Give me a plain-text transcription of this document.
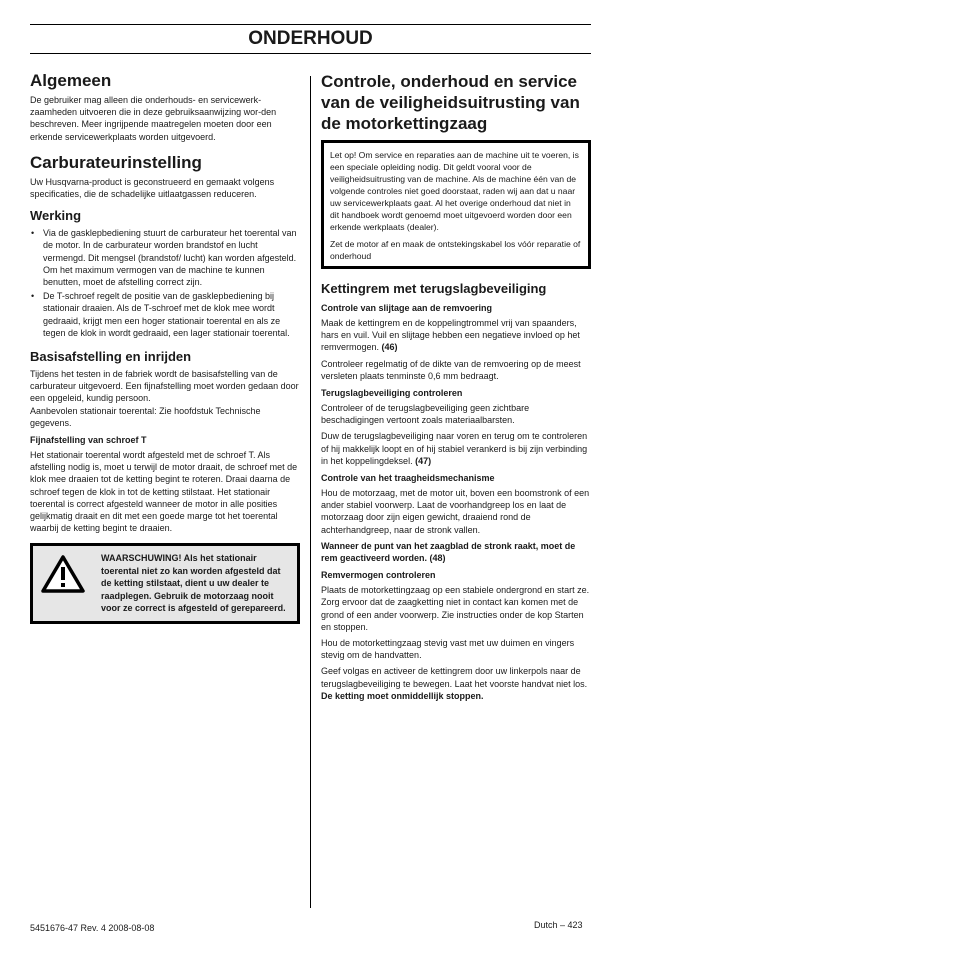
ONDERHOUD
Algemeen

De gebruiker mag alleen die onderhouds- en servicewerk-zaamheden uitvoeren die in deze gebruiksaanwijzing wor-den beschreven. Meer ingrijpende maatregelen moeten door een erkende servicewerkplaats worden uitgevoerd.

Carburateurinstelling

Uw Husqvarna-product is geconstrueerd en gemaakt volgens specificaties, die de schadelijke uitlaatgassen reduceren.

Werking
• Via de gasklepbediening stuurt de carburateur het toerental van de motor. In de carburateur worden brandstof en lucht vermengd. Dit mengsel (brandstof/ lucht) kan worden afgesteld. Om het maximum vermogen van de machine te kunnen benutten, moet de afstelling correct zijn.
• De T-schroef regelt de positie van de gasklepbediening bij stationair draaien. Als de T-schroef met de klok mee wordt gedraaid, krijgt men een hoger stationair toerental en als ze tegen de klok in wordt gedraaid, een lager stationair toerental.
Basisafstelling en inrijden

Tijdens het testen in de fabriek wordt de basisafstelling van de carburateur uitgevoerd. Een fijnafstelling moet worden gedaan door een opgeleid, kundig persoon.

Aanbevolen stationair toerental: Zie hoofdstuk Technische gegevens.

Fijnafstelling van schroef T

Het stationair toerental wordt afgesteld met de schroef T. Als afstelling nodig is, moet u terwijl de motor draait, de schroef met de klok mee draaien tot de ketting begint te roteren. Draai daarna de schroef tegen de klok in tot de ketting stilstaat. Het stationair toerental is correct afgesteld wanneer de motor in alle posities gelijkmatig draait en dit met een goede marge tot het toerental waarbij de ketting begint te draaien.

WAARSCHUWING! Als het stationair toerental niet zo kan worden afgesteld dat de ketting stilstaat, dient u uw dealer te raadplegen. Gebruik de motorzaag nooit voor ze correct is afgesteld of gerepareerd.
Controle, onderhoud en service van de veiligheidsuitrusting van de motorkettingzaag

Let op! Om service en reparaties aan de machine uit te voeren, is een speciale opleiding nodig. Dit geldt vooral voor de veiligheidsuitrusting van de machine. Als de machine één van de volgende controles niet goed doorstaat, raden wij aan dat u naar uw servicewerkplaats gaat. Al het overige onderhoud dat niet in dit handboek wordt genoemd moet uitgevoerd worden door een erkende werkplaats (dealer).

Zet de motor af en maak de ontstekingskabel los vóór reparatie of onderhoud

Kettingrem met terugslagbeveiliging
Controle van slijtage aan de remvoering

Maak de kettingrem en de koppelingtrommel vrij van spaanders, hars en vuil. Vuil en slijtage hebben een negatieve invloed op het remvermogen. (46)

Controleer regelmatig of de dikte van de remvoering op de meest versleten plaats tenminste 0,6 mm bedraagt.

Terugslagbeveiliging controleren

Controleer of de terugslagbeveiliging geen zichtbare beschadigingen vertoont zoals materiaalbarsten.

Duw de terugslagbeveiliging naar voren en terug om te controleren of hij makkelijk loopt en of hij stabiel verankerd is bij zijn verbinding in het koppelingdeksel. (47)

Controle van het traagheidsmechanisme

Hou de motorzaag, met de motor uit, boven een boomstronk of een ander stabiel voorwerp. Laat de voorhandgreep los en laat de motorzaag door zijn eigen gewicht, draaiend rond de achterhandgreep, naar de stronk vallen.

Wanneer de punt van het zaagblad de stronk raakt, moet de rem geactiveerd worden. (48)

Remvermogen controleren

Plaats de motorkettingzaag op een stabiele ondergrond en start ze. Zorg ervoor dat de zaagketting niet in contact kan komen met de grond of een ander voorwerp. Zie instructies onder de kop Starten en stoppen.

Hou de motorkettingzaag stevig vast met uw duimen en vingers stevig om de handvatten.

Geef volgas en activeer de kettingrem door uw linkerpols naar de terugslagbeveiliging te bewegen. Laat het voorste handvat niet los. De ketting moet onmiddellijk stoppen.

5451676-47 Rev. 4 2008-08-08	Dutch – 423
